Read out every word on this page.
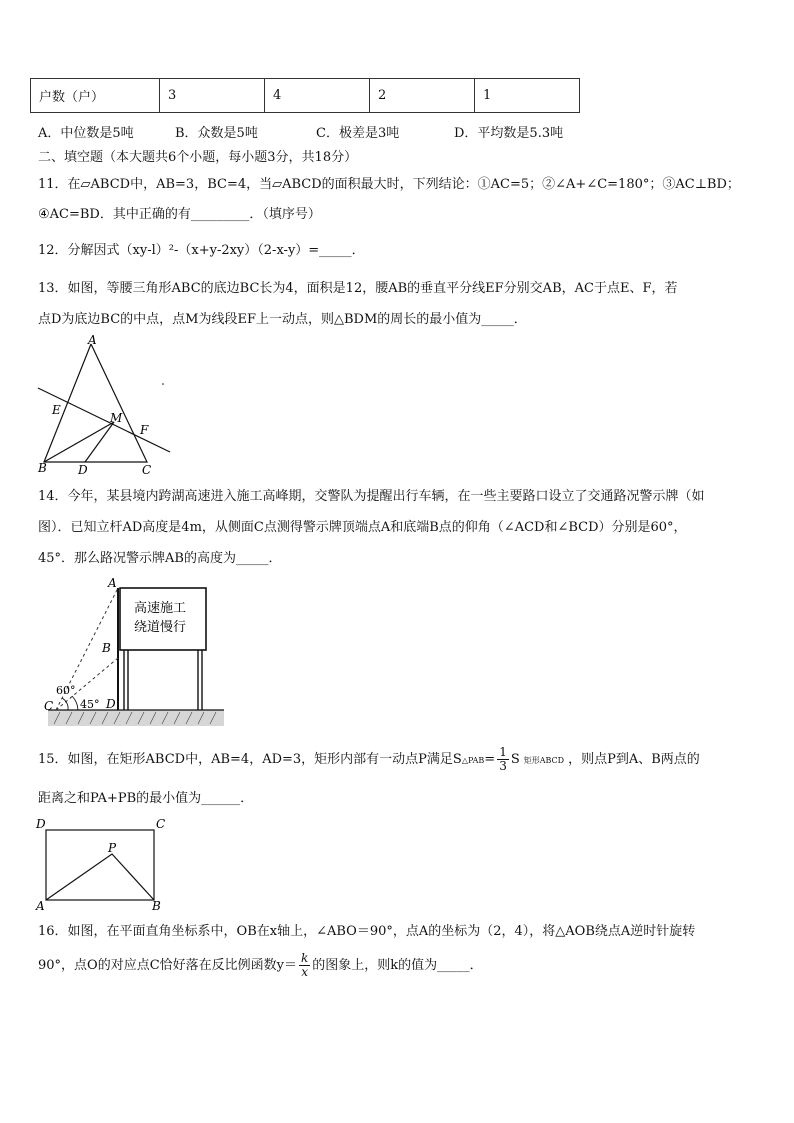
户数（户）	3	4	2	1
A．中位数是5吨	B．众数是5吨	C．极差是3吨	D．平均数是5.3吨
二、填空题（本大题共6个小题，每小题3分，共18分）
11．在▱ABCD中，AB=3，BC=4，当▱ABCD的面积最大时，下列结论：①AC=5；②∠A+∠C=180°；③AC⊥BD；
④AC=BD．其中正确的有_________．（填序号）
12．分解因式（xy-l）²-（x+y-2xy）（2-x-y）=_____．
13．如图，等腰三角形ABC的底边BC长为4，面积是12，腰AB的垂直平分线EF分别交AB，AC于点E、F，若
点D为底边BC的中点，点M为线段EF上一动点，则△BDM的周长的最小值为_____．
A
B	C
D
E
F
M
14．今年，某县境内跨湖高速进入施工高峰期，交警队为提醒出行车辆，在一些主要路口设立了交通路况警示牌（如
图）．已知立杆AD高度是4m，从侧面C点测得警示牌顶端点A和底端B点的仰角（∠ACD和∠BCD）分别是60°，
45°．那么路况警示牌AB的高度为_____．
高速施工
绕道慢行
A
B
C	D
60°
45°
15．如图，在矩形ABCD中，AB=4，AD=3，矩形内部有一动点P满足S△PAB= $\frac{1}{3}$ S 矩形ABCD ，则点P到A、B两点的
距离之和PA+PB的最小值为______．
A	B
C
D
P
16．如图，在平面直角坐标系中，OB在x轴上，∠ABO＝90°，点A的坐标为（2，4），将△AOB绕点A逆时针旋转
90°，点O的对应点C恰好落在反比例函数$y= \frac{k}{x}$ 的图象上，则k的值为_____．
